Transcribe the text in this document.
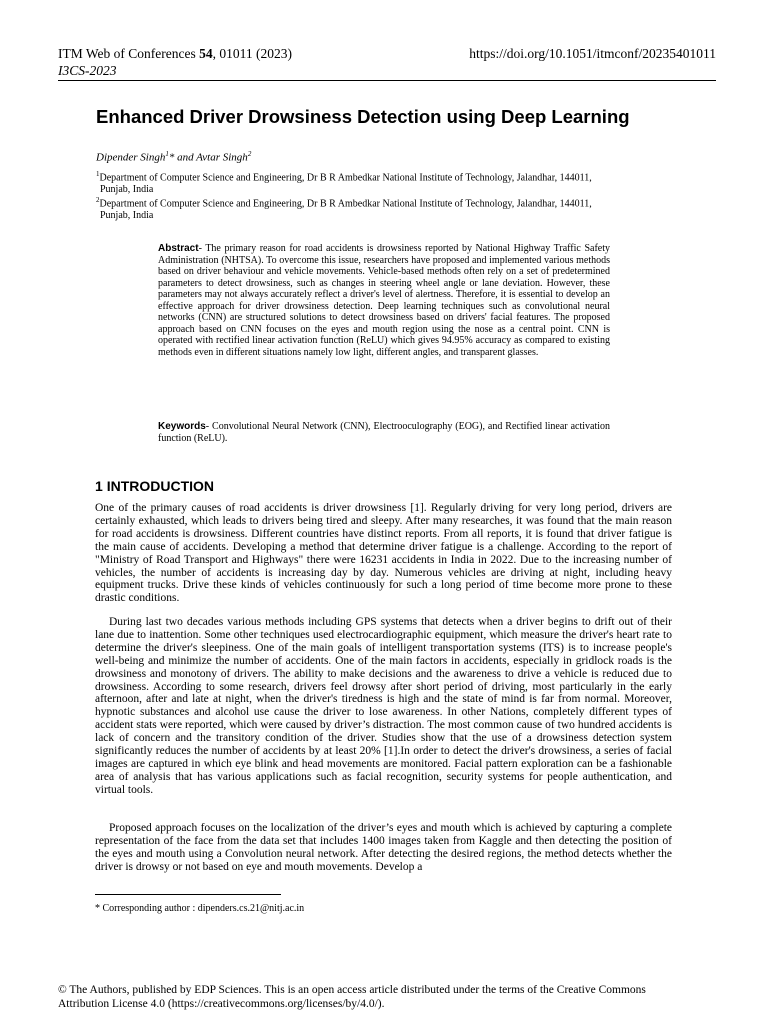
ITM Web of Conferences 54, 01011 (2023)	https://doi.org/10.1051/itmconf/20235401011
I3CS-2023
Enhanced Driver Drowsiness Detection using Deep Learning
Dipender Singh$^1$* and Avtar Singh$^2$
$^1$Department of Computer Science and Engineering, Dr B R Ambedkar National Institute of Technology, Jalandhar, 144011,
Punjab, India
$^2$Department of Computer Science and Engineering, Dr B R Ambedkar National Institute of Technology, Jalandhar, 144011,
Punjab, India

Abstract- The primary reason for road accidents is drowsiness reported by National Highway Traffic Safety Administration (NHTSA). To overcome this issue, researchers have proposed and implemented various methods based on driver behaviour and vehicle movements. Vehicle-based methods often rely on a set of predetermined parameters to detect drowsiness, such as changes in steering wheel angle or lane deviation. However, these parameters may not always accurately reflect a driver's level of alertness. Therefore, it is essential to develop an effective approach for driver drowsiness detection. Deep learning techniques such as convolutional neural networks (CNN) are structured solutions to detect drowsiness based on drivers' facial features. The proposed approach based on CNN focuses on the eyes and mouth region using the nose as a central point. CNN is operated with rectified linear activation function (ReLU) which gives 94.95% accuracy as compared to existing methods even in different situations namely low light, different angles, and transparent glasses.

Keywords- Convolutional Neural Network (CNN), Electrooculography (EOG), and Rectified linear activation function (ReLU).

1 INTRODUCTION

One of the primary causes of road accidents is driver drowsiness [1]. Regularly driving for very long period, drivers are certainly exhausted, which leads to drivers being tired and sleepy. After many researches, it was found that the main reason for road accidents is drowsiness. Different countries have distinct reports. From all reports, it is found that driver fatigue is the main cause of accidents. Developing a method that determine driver fatigue is a challenge. According to the report of "Ministry of Road Transport and Highways" there were 16231 accidents in India in 2022. Due to the increasing number of vehicles, the number of accidents is increasing day by day. Numerous vehicles are driving at night, including heavy equipment trucks. Drive these kinds of vehicles continuously for such a long period of time become more prone to these drastic conditions.

During last two decades various methods including GPS systems that detects when a driver begins to drift out of their lane due to inattention. Some other techniques used electrocardiographic equipment, which measure the driver's heart rate to determine the driver's sleepiness. One of the main goals of intelligent transportation systems (ITS) is to increase people's well-being and minimize the number of accidents. One of the main factors in accidents, especially in gridlock roads is the drowsiness and monotony of drivers. The ability to make decisions and the awareness to drive a vehicle is reduced due to drowsiness. According to some research, drivers feel drowsy after short period of driving, most particularly in the early afternoon, after and late at night, when the driver's tiredness is high and the state of mind is far from normal. Moreover, hypnotic substances and alcohol use cause the driver to lose awareness. In other Nations, completely different types of accident stats were reported, which were caused by driver’s distraction. The most common cause of two hundred accidents is lack of concern and the transitory condition of the driver. Studies show that the use of a drowsiness detection system significantly reduces the number of accidents by at least 20% [1].In order to detect the driver's drowsiness, a series of facial images are captured in which eye blink and head movements are monitored. Facial pattern exploration can be a fashionable area of analysis that has various applications such as facial recognition, security systems for people authentication, and virtual tools.

Proposed approach focuses on the localization of the driver’s eyes and mouth which is achieved by capturing a complete representation of the face from the data set that includes 1400 images taken from Kaggle and then detecting the position of the eyes and mouth using a Convolution neural network. After detecting the desired regions, the method detects whether the driver is drowsy or not based on eye and mouth movements. Develop a

* Corresponding author : dipenders.cs.21@nitj.ac.in
© The Authors, published by EDP Sciences. This is an open access article distributed under the terms of the Creative Commons
Attribution License 4.0 (https://creativecommons.org/licenses/by/4.0/).
